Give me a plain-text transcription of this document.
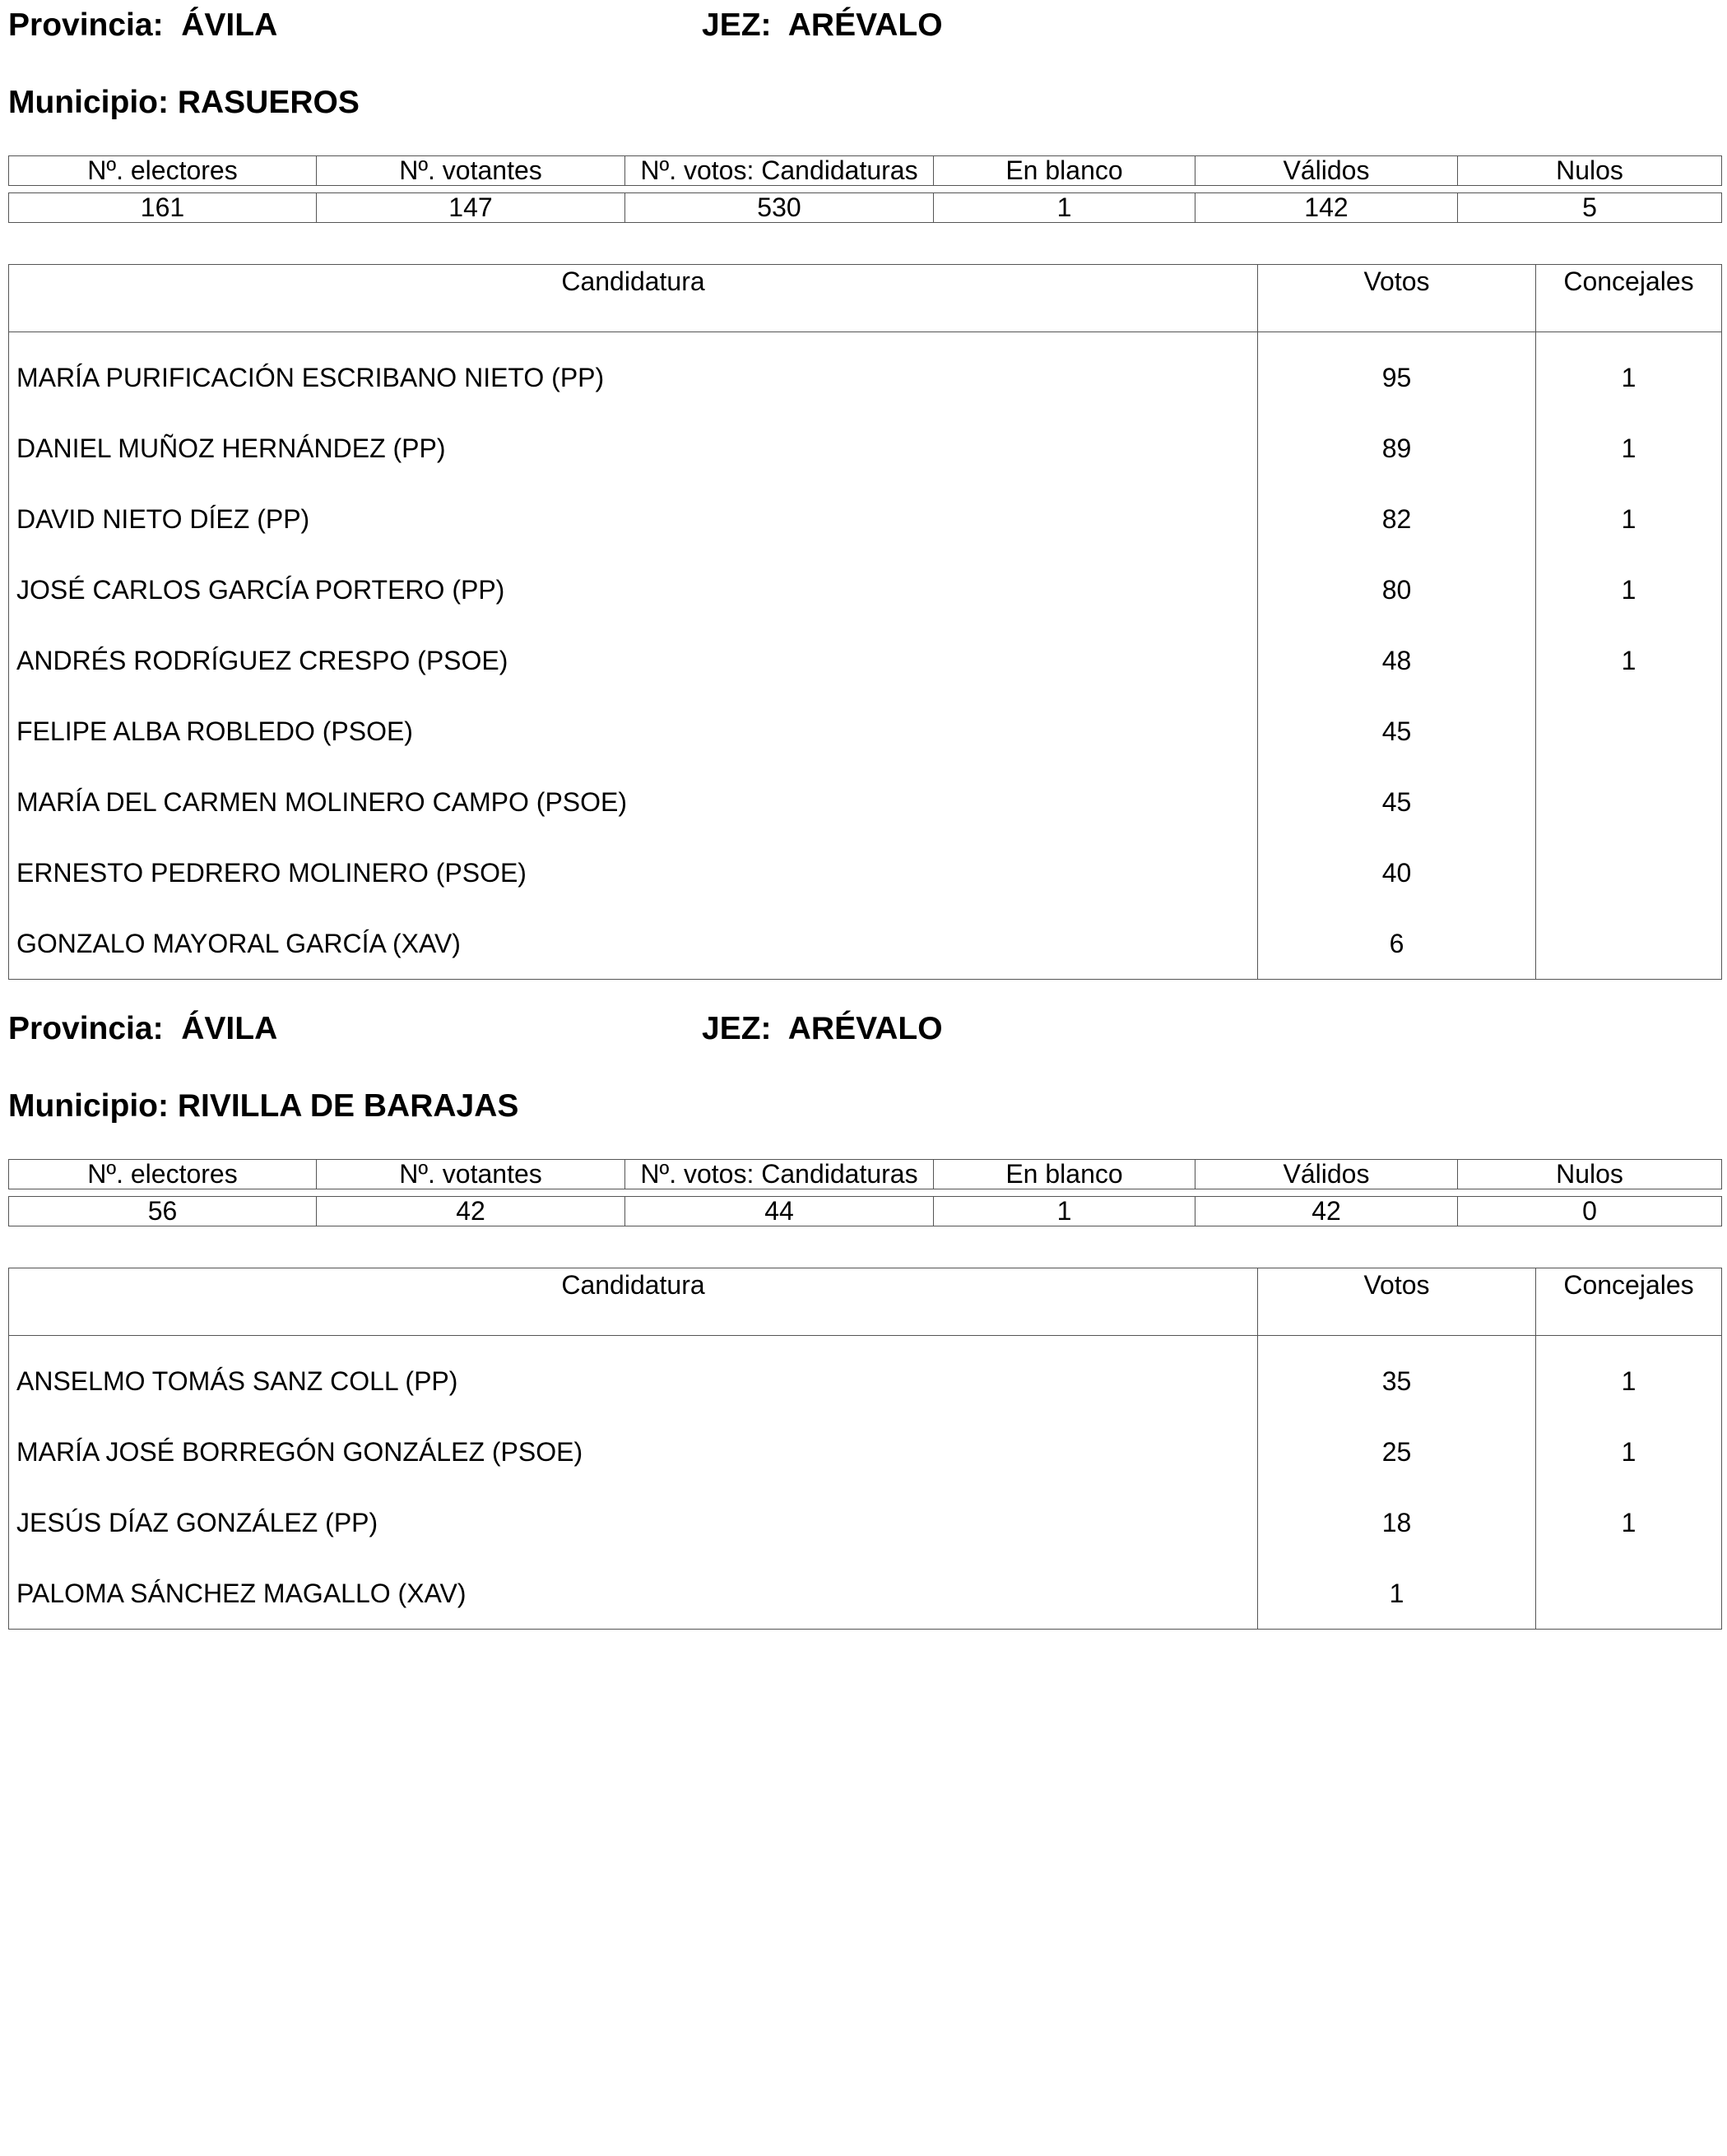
Provincia: ÁVILA	JEZ: ARÉVALO
Municipio: RASUEROS
Nº. electores	Nº. votantes	Nº. votos: Candidaturas	En blanco	Válidos	Nulos

161	147	530	1	142	5
Candidatura	Votos	Concejales
MARÍA PURIFICACIÓN ESCRIBANO NIETO (PP)	95	1
DANIEL MUÑOZ HERNÁNDEZ (PP)	89	1
DAVID NIETO DÍEZ (PP)	82	1
JOSÉ CARLOS GARCÍA PORTERO (PP)	80	1
ANDRÉS RODRÍGUEZ CRESPO (PSOE)	48	1
FELIPE ALBA ROBLEDO (PSOE)	45	
MARÍA DEL CARMEN MOLINERO CAMPO (PSOE)	45	
ERNESTO PEDRERO MOLINERO (PSOE)	40	
GONZALO MAYORAL GARCÍA (XAV)	6	
Provincia: ÁVILA	JEZ: ARÉVALO
Municipio: RIVILLA DE BARAJAS
Nº. electores	Nº. votantes	Nº. votos: Candidaturas	En blanco	Válidos	Nulos

56	42	44	1	42	0
Candidatura	Votos	Concejales
ANSELMO TOMÁS SANZ COLL (PP)	35	1
MARÍA JOSÉ BORREGÓN GONZÁLEZ (PSOE)	25	1
JESÚS DÍAZ GONZÁLEZ (PP)	18	1
PALOMA SÁNCHEZ MAGALLO (XAV)	1	
